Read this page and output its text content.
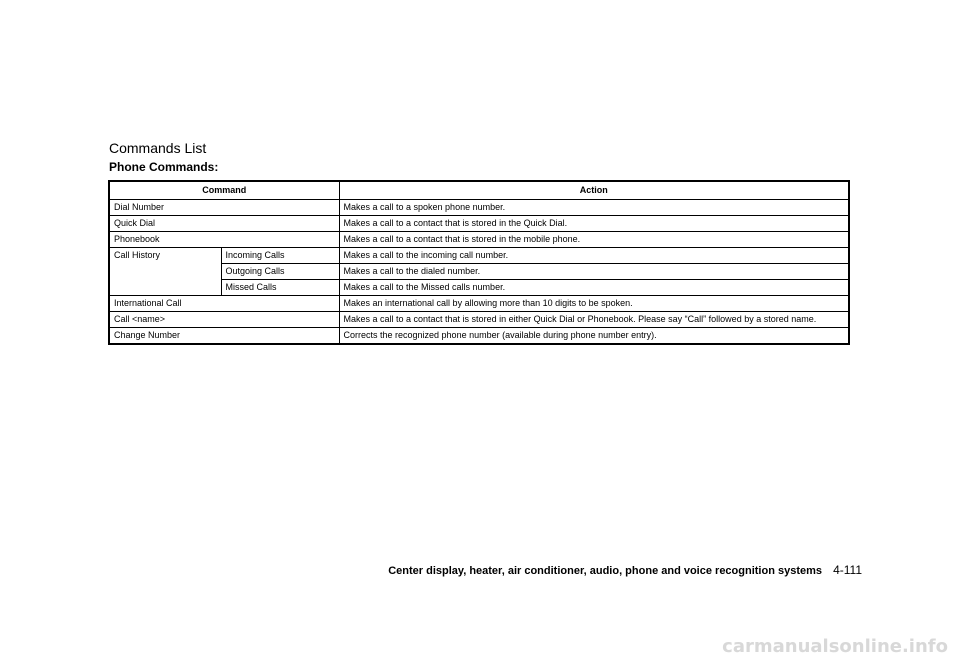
Commands List
Phone Commands:
Command		Action
Dial Number		Makes a call to a spoken phone number.
Quick Dial		Makes a call to a contact that is stored in the Quick Dial.
Phonebook		Makes a call to a contact that is stored in the mobile phone.
Call History	Incoming Calls	Makes a call to the incoming call number.
	Outgoing Calls	Makes a call to the dialed number.
	Missed Calls	Makes a call to the Missed calls number.
International Call		Makes an international call by allowing more than 10 digits to be spoken.
Call <name>		Makes a call to a contact that is stored in either Quick Dial or Phonebook. Please say “Call” followed by a stored name.
Change Number		Corrects the recognized phone number (available during phone number entry).
Center display, heater, air conditioner, audio, phone and voice recognition systems 4-111
carmanualsonline.info
